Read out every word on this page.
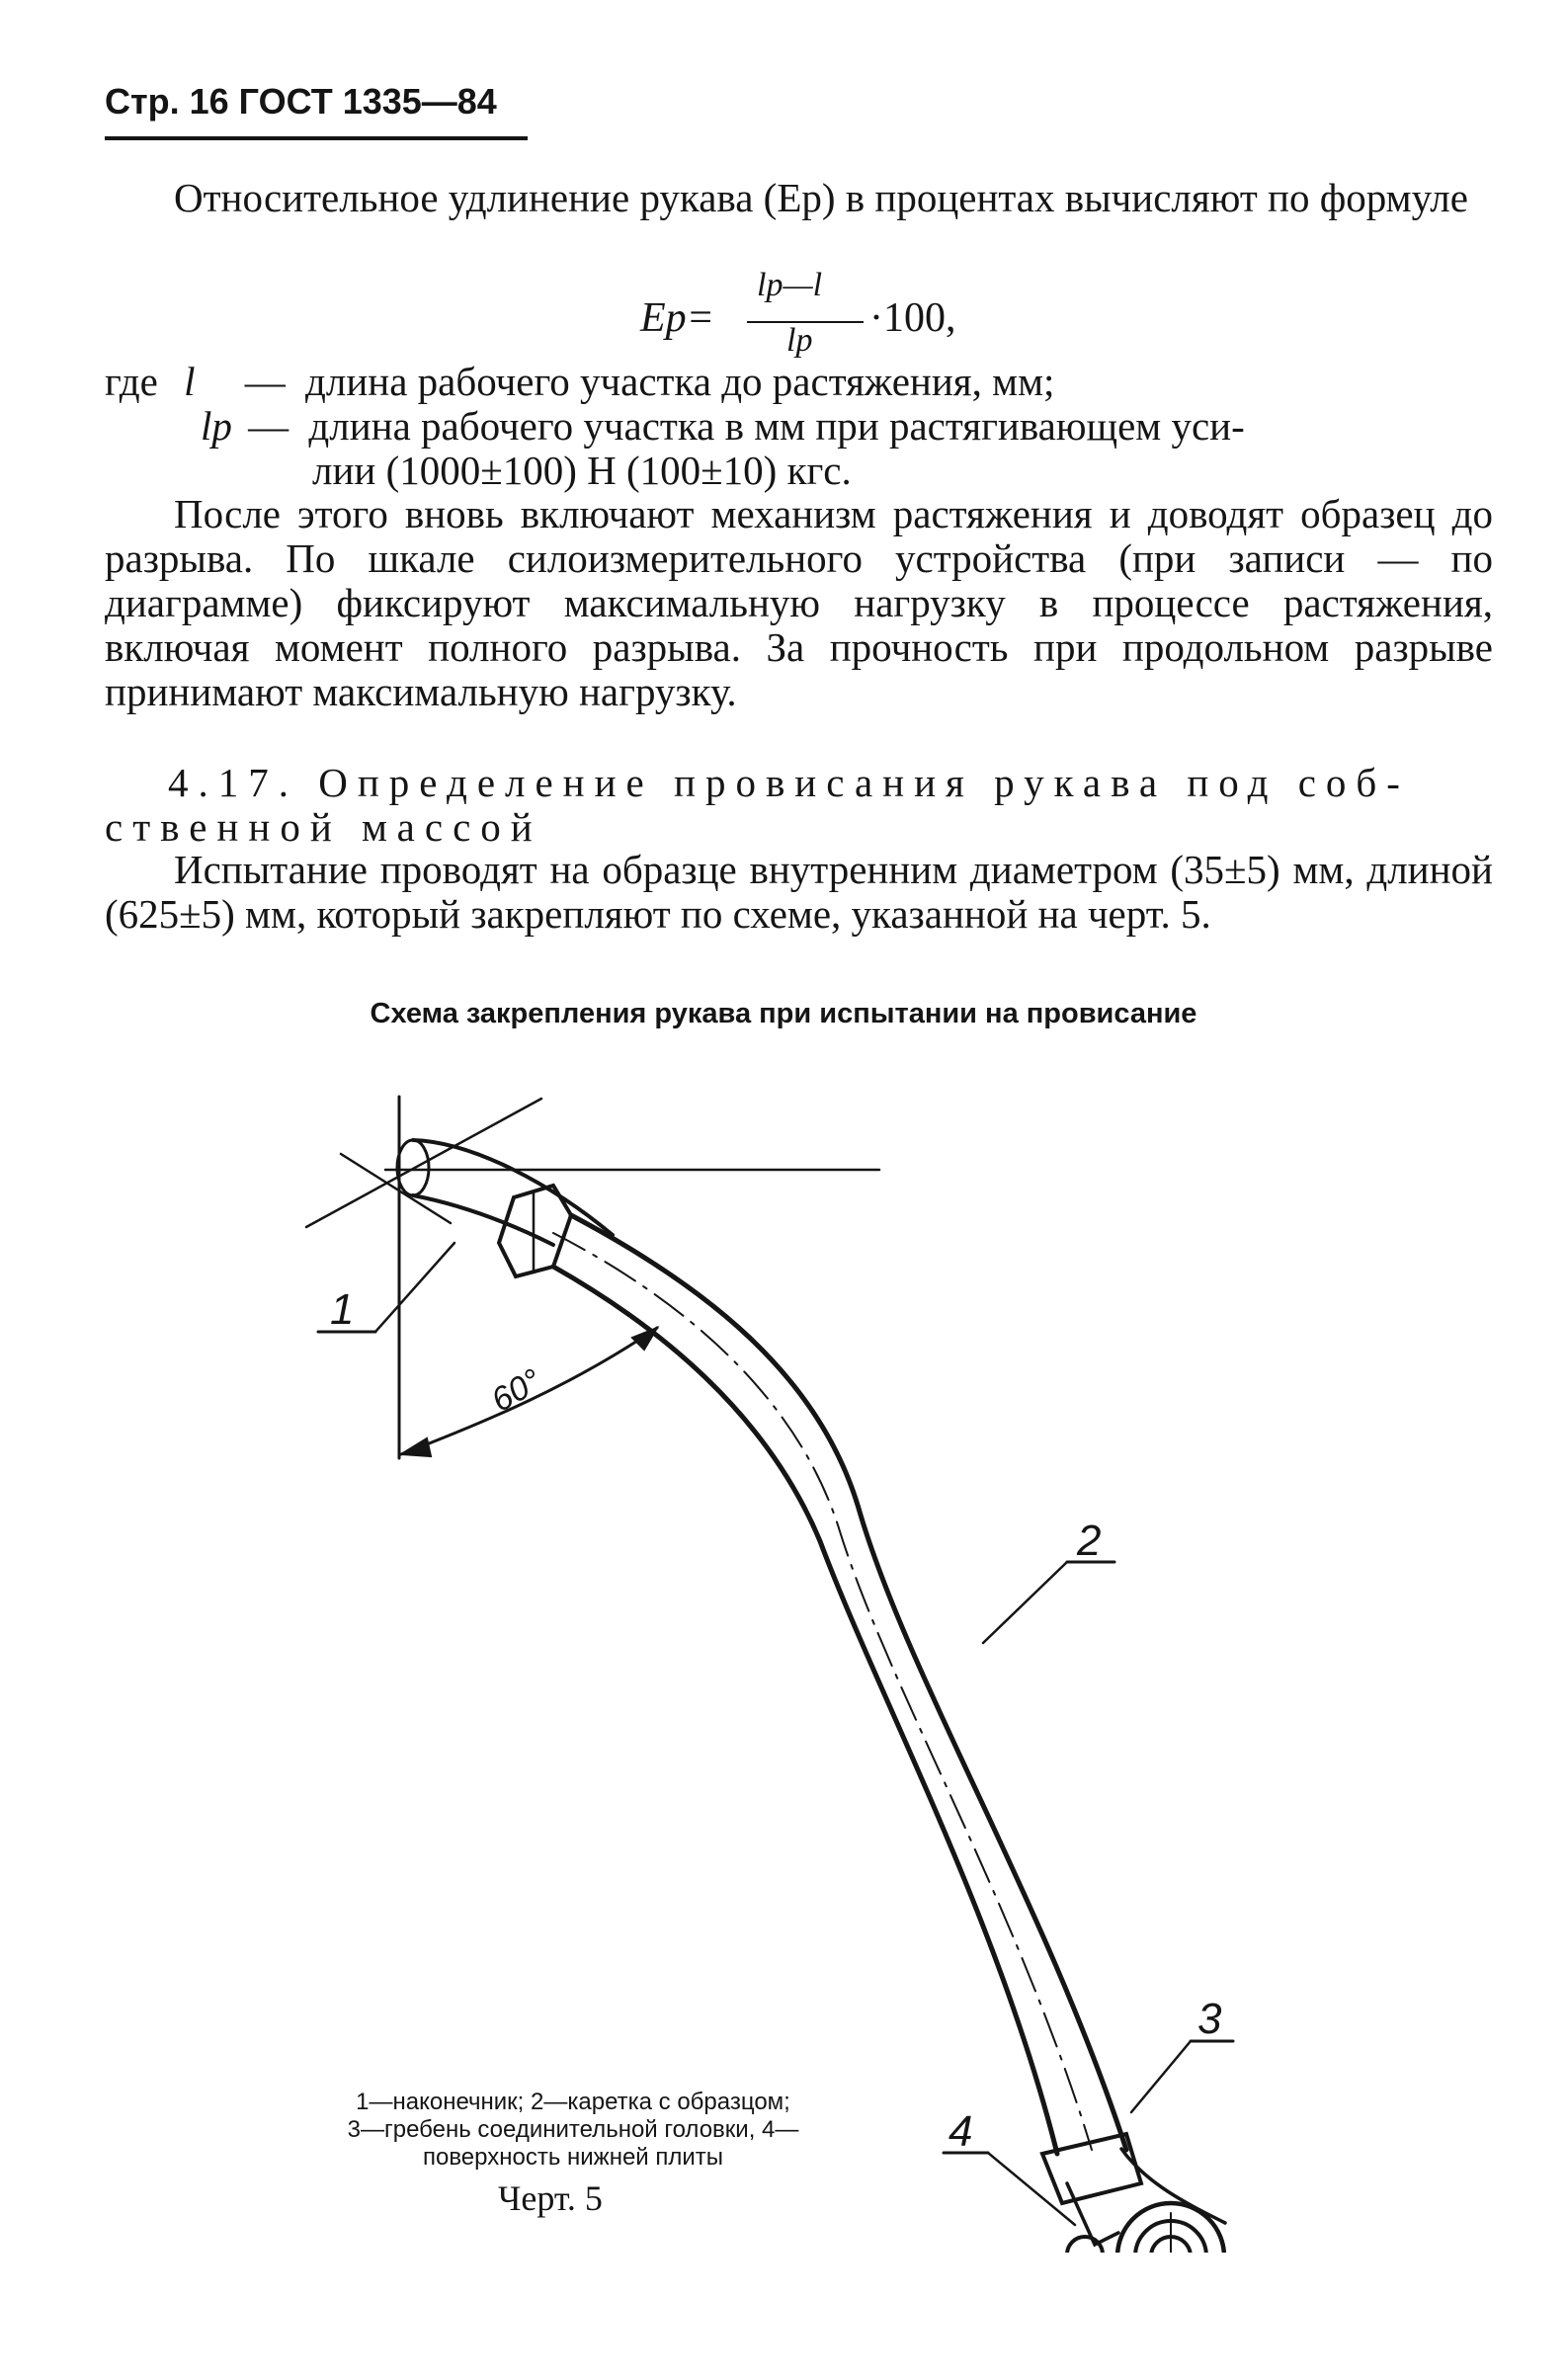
Стр. 16 ГОСТ 1335—84
Относительное удлинение рукава (Eр) в процентах вычисляют по формуле
Eр=
lр—l
lр ·100,
где l — длина рабочего участка до растяжения, мм;
lр — длина рабочего участка в мм при растягивающем уси-
лии (1000±100) Н (100±10) кгс.
После этого вновь включают механизм растяжения и доводят образец до разрыва. По шкале силоизмерительного устройства (при записи — по диаграмме) фиксируют максимальную нагрузку в процессе растяжения, включая момент полного разрыва. За прочность при продольном разрыве принимают максимальную нагрузку.
4.17. Определение провисания рукава под соб-
ственной массой
Испытание проводят на образце внутренним диаметром (35±5) мм, длиной (625±5) мм, который закрепляют по схеме, указанной на черт. 5.
Схема закрепления рукава при испытании на провисание
1
2
3
4
60°
1—наконечник; 2—каретка с образцом;
3—гребень соединительной головки, 4—
поверхность нижней плиты
Черт. 5
